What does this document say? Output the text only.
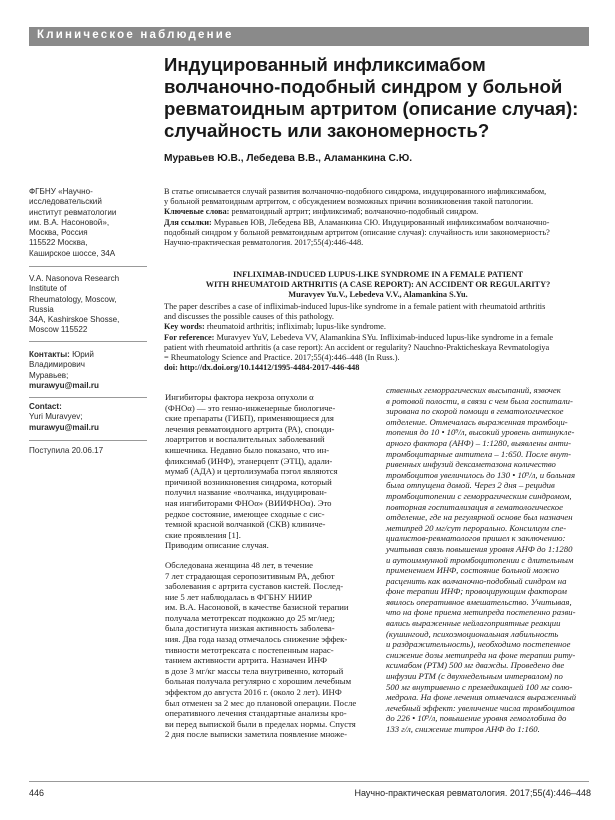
Клиническое наблюдение
Индуцированный инфликсимабом
волчаночно-подобный синдром у больной
ревматоидным артритом (описание случая):
случайность или закономерность?
Муравьев Ю.В., Лебедева В.В., Аламанкина С.Ю.
ФГБНУ «Научно-
исследовательский
институт ревматологии
им. В.А. Насоновой»,
Москва, Россия
115522 Москва,
Каширское шоссе, 34А
V.A. Nasonova Research
Institute of
Rheumatology, Moscow,
Russia
34A, Kashirskoe Shosse,
Moscow 115522
Контакты: Юрий
Владимирович
Муравьев;
murawyu@mail.ru
Contact:
Yuri Muravyev;
murawyu@mail.ru
Поступила 20.06.17
В статье описывается случай развития волчаночно-подобного синдрома, индуцированного инфликсимабом,
у больной ревматоидным артритом, с обсуждением возможных причин возникновения такой патологии.
Ключевые слова: ревматоидный артрит; инфликсимаб; волчаночно-подобный синдром.
Для ссылки: Муравьев ЮВ, Лебедева ВВ, Аламанкина СЮ. Индуцированный инфликсимабом волчаночно-
подобный синдром у больной ревматоидным артритом (описание случая): случайность или закономерность?
Научно-практическая ревматология. 2017;55(4):446-448.
INFLIXIMAB-INDUCED LUPUS-LIKE SYNDROME IN A FEMALE PATIENT
WITH RHEUMATOID ARTHRITIS (A CASE REPORT): AN ACCIDENT OR REGULARITY?
Muravyev Yu.V., Lebedeva V.V., Alamankina S.Yu.
The paper describes a case of infliximab-induced lupus-like syndrome in a female patient with rheumatoid arthritis
and discusses the possible causes of this pathology.
Key words: rheumatoid arthritis; infliximab; lupus-like syndrome.
For reference: Muravyev YuV, Lebedeva VV, Alamankina SYu. Infliximab-induced lupus-like syndrome in a female
patient with rheumatoid arthritis (a case report): An accident or regularity? Nauchno-Prakticheskaya Revmatologiya
= Rheumatology Science and Practice. 2017;55(4):446–448 (In Russ.).
doi: http://dx.doi.org/10.14412/1995-4484-2017-446-448
Ингибиторы фактора некроза опухоли α
(ФНОα) — это генно-инженерные биологиче-
ские препараты (ГИБП), применяющиеся для
лечения ревматоидного артрита (РА), спонди-
лоартритов и воспалительных заболеваний
кишечника. Недавно было показано, что ин-
фликсимаб (ИНФ), этанерцепт (ЭТЦ), адали-
мумаб (АДА) и цертолизумаба пэгол являются
причиной возникновения синдрома, который
получил название «волчанка, индуцирован-
ная ингибиторами ФНОα» (ВИИФНОα). Это
редкое состояние, имеющее сходные с сис-
темной красной волчанкой (СКВ) клиниче-
ские проявления [1].
Приводим описание случая.
Обследована женщина 48 лет, в течение
7 лет страдающая серопозитивным РА, дебют
заболевания с артрита суставов кистей. Послед-
ние 5 лет наблюдалась в ФГБНУ НИИР
им. В.А. Насоновой, в качестве базисной терапии
получала метотрексат подкожно до 25 мг/нед;
была достигнута низкая активность заболева-
ния. Два года назад отмечалось снижение эффек-
тивности метотрексата с постепенным нарас-
танием активности артрита. Назначен ИНФ
в дозе 3 мг/кг массы тела внутривенно, который
больная получала регулярно с хорошим лечебным
эффектом до августа 2016 г. (около 2 лет). ИНФ
был отменен за 2 мес до плановой операции. После
оперативного лечения стандартные анализы кро-
ви перед выпиской были в пределах нормы. Спустя
2 дня после выписки заметила появление множе-
ственных геморрагических высыпаний, язвочек
в ротовой полости, в связи с чем была госпитали-
зирована по скорой помощи в гематологическое
отделение. Отмечалась выраженная тромбоци-
топения до 10 • 10⁹/л, высокий уровень антинукле-
арного фактора (АНФ) – 1:1280, выявлены анти-
тромбоцитарные антитела – 1:650. После внут-
ривенных инфузий дексаметазона количество
тромбоцитов увеличилось до 130 • 10⁹/л, и больная
была отпущена домой. Через 2 дня – рецидив
тромбоцитопении с геморрагическим синдромом,
повторная госпитализация в гематологическое
отделение, где на регулярной основе был назначен
метипред 20 мг/сут перорально. Консилиум спе-
циалистов-ревматологов пришел к заключению:
учитывая связь повышения уровня АНФ до 1:1280
и аутоиммунной тромбоцитопении с длительным
применением ИНФ, состояние больной можно
расценить как волчаночно-подобный синдром на
фоне терапии ИНФ; провоцирующим фактором
явилось оперативное вмешательство. Учитывая,
что на фоне приема метипреда постепенно разви-
вались выраженные нейлагоприятные реакции
(кушингоид, психоэмоциональная лабильность
и раздражительность), необходимо постепенное
снижение дозы метипреда на фоне терапии риту-
ксимабом (РТМ) 500 мг дважды. Проведено две
инфузии РТМ (с двухнедельным интервалом) по
500 мг внутривенно с премедикацией 100 мг солю-
медрола. На фоне лечения отмечался выраженный
лечебный эффект: увеличение числа тромбоцитов
до 226 • 10⁹/л, повышение уровня гемоглобина до
133 г/л, снижение титров АНФ до 1:160.
446	Научно-практическая ревматология. 2017;55(4):446–448
